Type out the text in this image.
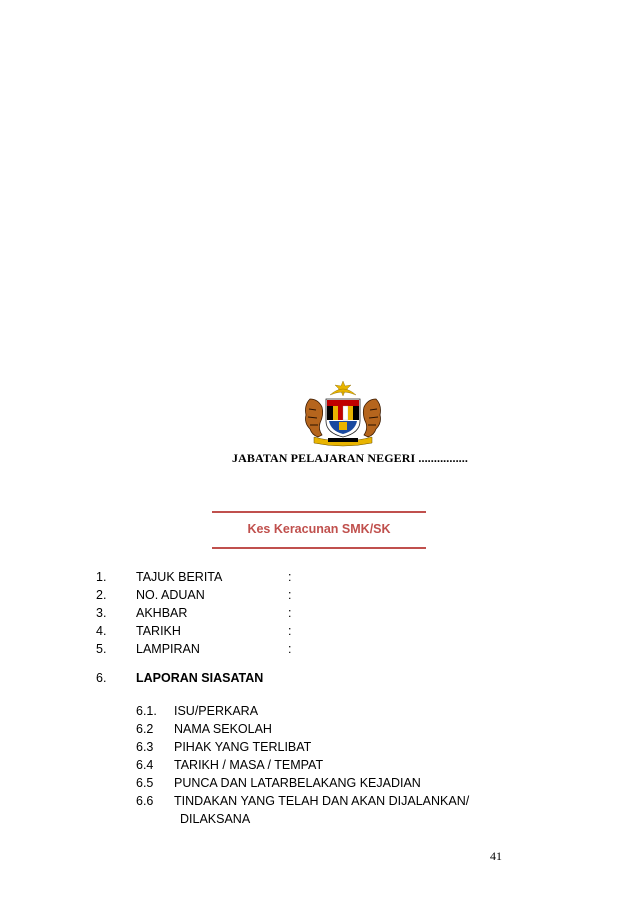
JABATAN PELAJARAN NEGERI ................
Kes Keracunan SMK/SK
1. TAJUK BERITA	:
2. NO. ADUAN	:
3. AKHBAR	:
4. TARIKH	:
5. LAMPIRAN	:
6. LAPORAN SIASATAN
6.1. ISU/PERKARA
6.2 NAMA SEKOLAH
6.3 PIHAK YANG TERLIBAT
6.4 TARIKH / MASA / TEMPAT
6.5 PUNCA DAN LATARBELAKANG KEJADIAN
6.6 TINDAKAN YANG TELAH DAN AKAN DIJALANKAN/
DILAKSANA
41
